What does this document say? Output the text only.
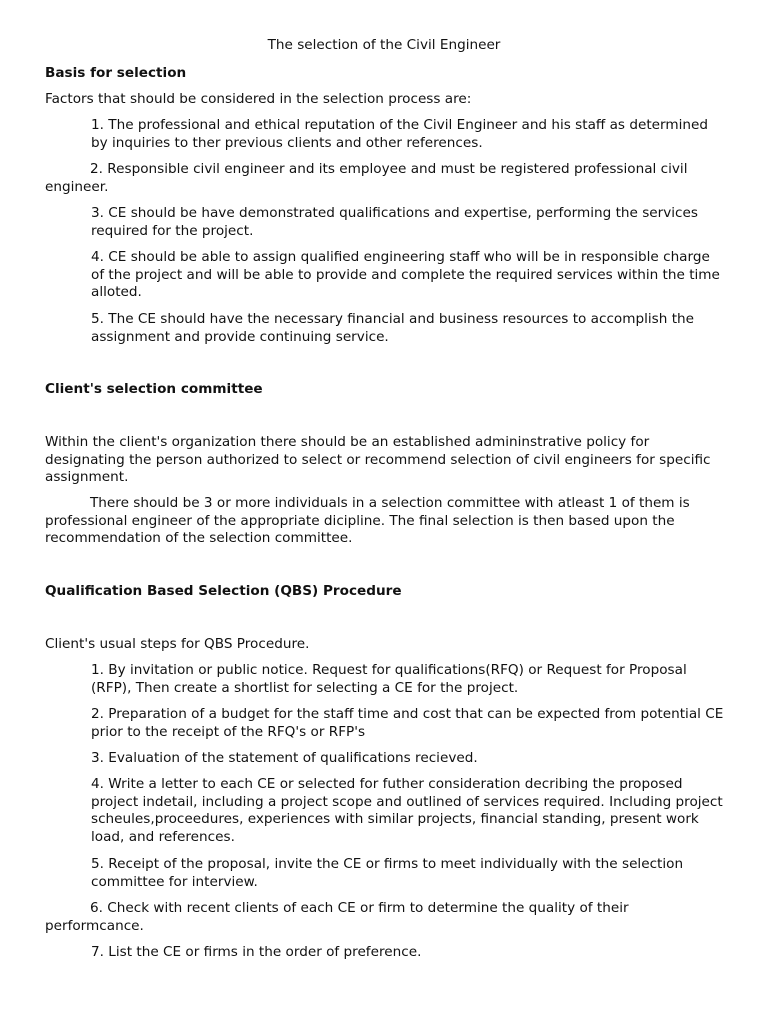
The selection of the Civil Engineer

Basis for selection

Factors that should be considered in the selection process are:

1. The professional and ethical reputation of the Civil Engineer and his staff as determined by inquiries to ther previous clients and other references.

2. Responsible civil engineer and its employee and must be registered professional civil engineer.

3. CE should be have demonstrated qualifications and expertise, performing the services required for the project.

4. CE should be able to assign qualified engineering staff who will be in responsible charge of the project and will be able to provide and complete the required services within the time alloted.

5. The CE should have the necessary financial and business resources to accomplish the assignment and provide continuing service.

Client's selection committee

Within the client's organization there should be an established admininstrative policy for designating the person authorized to select or recommend selection of civil engineers for specific assignment.

There should be 3 or more individuals in a selection committee with atleast 1 of them is professional engineer of the appropriate dicipline. The final selection is then based upon the recommendation of the selection committee.

Qualification Based Selection (QBS) Procedure

Client's usual steps for QBS Procedure.

1. By invitation or public notice. Request for qualifications(RFQ) or Request for Proposal (RFP), Then create a shortlist for selecting a CE for the project.

2. Preparation of a budget for the staff time and cost that can be expected from potential CE prior to the receipt of the RFQ's or RFP's

3. Evaluation of the statement of qualifications recieved.

4. Write a letter to each CE or selected for futher consideration decribing the proposed project indetail, including a project scope and outlined of services required. Including project scheules,proceedures, experiences with similar projects, financial standing, present work load, and references.

5. Receipt of the proposal, invite the CE or firms to meet individually with the selection committee for interview.

6. Check with recent clients of each CE or firm to determine the quality of their performcance.

7. List the CE or firms in the order of preference.
